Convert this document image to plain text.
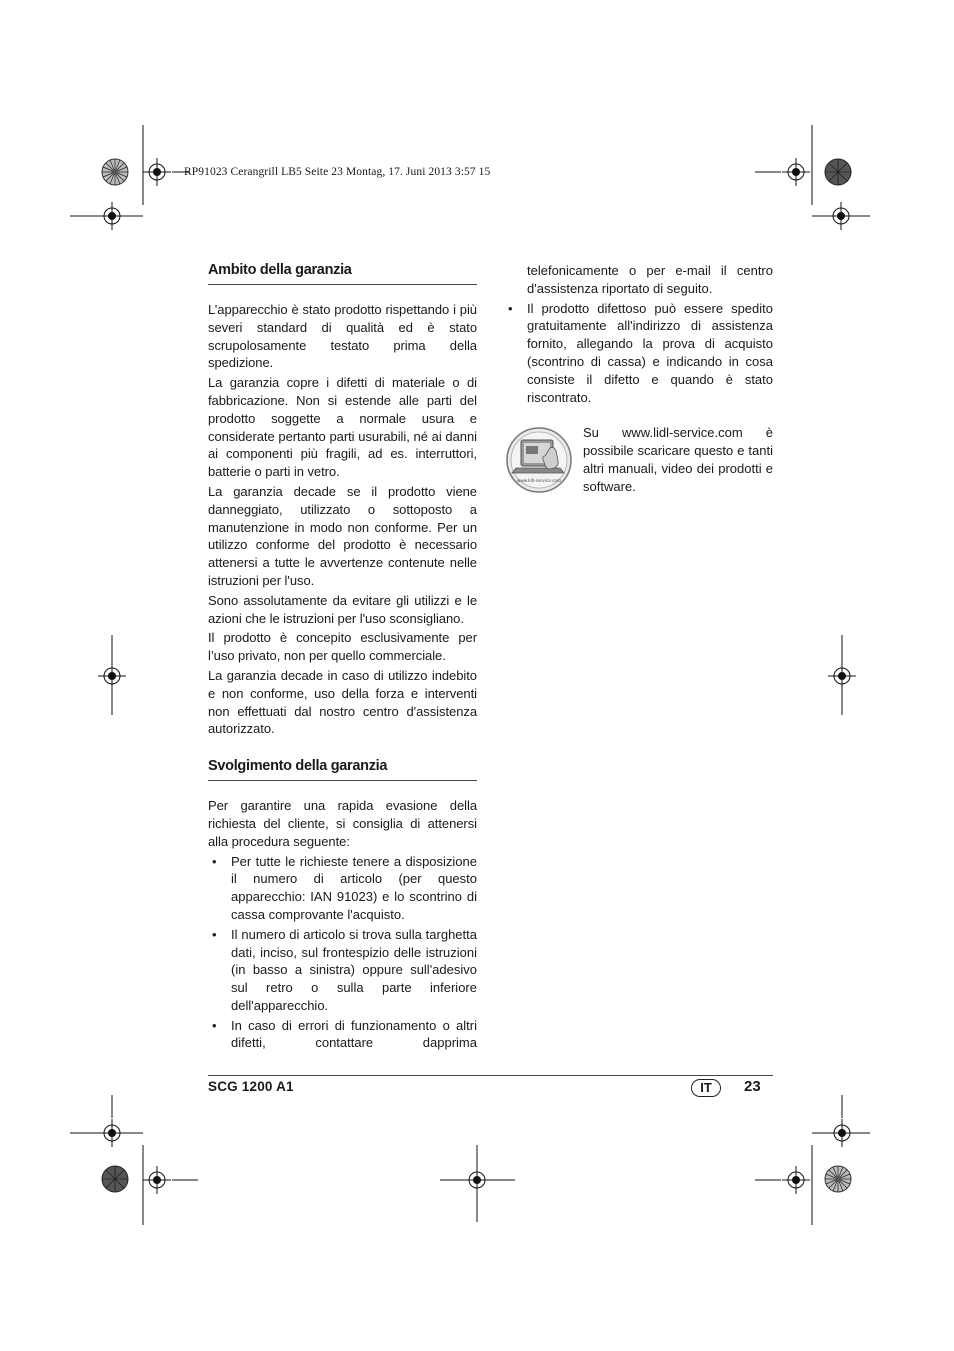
RP91023 Cerangrill LB5 Seite 23 Montag, 17. Juni 2013 3:57 15
Ambito della garanzia

L’apparecchio è stato prodotto rispettando i più severi standard di qualità ed è stato scrupolosamente testato prima della spedizione.

La garanzia copre i difetti di materiale o di fabbricazione. Non si estende alle parti del prodotto soggette a normale usura e considerate pertanto parti usurabili, né ai danni ai componenti più fragili, ad es. interruttori, batterie o parti in vetro.

La garanzia decade se il prodotto viene danneggiato, utilizzato o sottoposto a manutenzione in modo non conforme. Per un utilizzo conforme del prodotto è necessario attenersi a tutte le avvertenze contenute nelle istruzioni per l'uso.

Sono assolutamente da evitare gli utilizzi e le azioni che le istruzioni per l'uso sconsigliano.

Il prodotto è concepito esclusivamente per l’uso privato, non per quello commerciale.

La garanzia decade in caso di utilizzo indebito e non conforme, uso della forza e interventi non effettuati dal nostro centro d'assistenza autorizzato.

Svolgimento della garanzia

Per garantire una rapida evasione della richiesta del cliente, si consiglia di attenersi alla procedura seguente:

• Per tutte le richieste tenere a disposizione il numero di articolo (per questo apparecchio: IAN 91023) e lo scontrino di cassa comprovante l'acquisto.
• Il numero di articolo si trova sulla targhetta dati, inciso, sul frontespizio delle istruzioni (in basso a sinistra) oppure sull'adesivo sul retro o sulla parte inferiore dell'apparecchio.
• In caso di errori di funzionamento o altri difetti, contattare dapprima
telefonicamente o per e-mail il centro d'assistenza riportato di seguito.
• Il prodotto difettoso può essere spedito gratuitamente all'indirizzo di assistenza fornito, allegando la prova di acquisto (scontrino di cassa) e indicando in cosa consiste il difetto e quando è stato riscontrato.
www.lidl-service.com
Su www.lidl-service.com è possibile scaricare questo e tanti altri manuali, video dei prodotti e software.
SCG 1200 A1	IT	23
